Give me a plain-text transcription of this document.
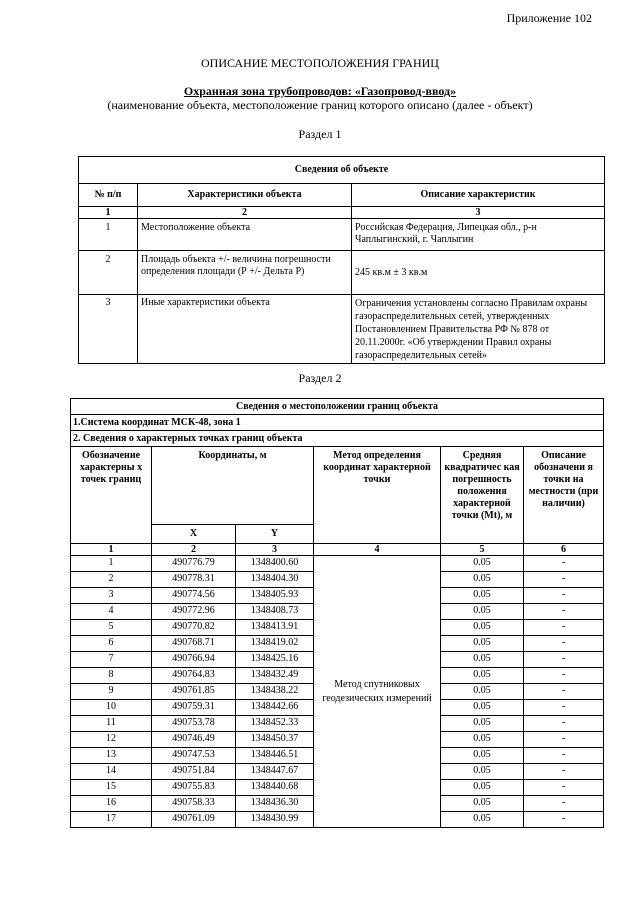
Приложение 102
ОПИСАНИЕ МЕСТОПОЛОЖЕНИЯ ГРАНИЦ
Охранная зона трубопроводов: «Газопровод-ввод»
(наименование объекта, местоположение границ которого описано (далее - объект)
Раздел 1
Сведения об объекте		
№ п/п	Характеристики объекта	Описание характеристик
1	2	3
1	Местоположение объекта	Российская Федерация, Липецкая обл., р-н Чаплыгинский, г. Чаплыгин
2	Площадь объекта +/- величина погрешности определения площади (Р +/- Дельта Р)	245 кв.м ± 3 кв.м
3	Иные характеристики объекта	Ограничения установлены согласно Правилам охраны газораспределительных сетей, утвержденных Постановлением Правительства РФ № 878 от 20.11.2000г. «Об утверждении Правил охраны газораспределительных сетей»
Раздел 2
Сведения о местоположении границ объекта					
1.Система координат МСК-48, зона 1					
2. Сведения о характерных точках границ объекта					
Обозначение характерны х точек границ	Координаты, м		Метод определения координат характерной точки	Средняя квадратичес кая погрешность положения характерной точки (Mt), м	Описание обозначени я точки на местности (при наличии)
	X	Y			
1	2	3	4	5	6
1	490776.79	1348400.60	Метод спутниковых геодезических измерений	0.05	-
2	490778.31	1348404.30		0.05	-
3	490774.56	1348405.93		0.05	-
4	490772.96	1348408.73		0.05	-
5	490770.82	1348413.91		0.05	-
6	490768.71	1348419.02		0.05	-
7	490766.94	1348425.16		0.05	-
8	490764.83	1348432.49		0.05	-
9	490761.85	1348438.22		0.05	-
10	490759.31	1348442.66		0.05	-
11	490753.78	1348452.33		0.05	-
12	490746.49	1348450.37		0.05	-
13	490747.53	1348446.51		0.05	-
14	490751.84	1348447.67		0.05	-
15	490755.83	1348440.68		0.05	-
16	490758.33	1348436.30		0.05	-
17	490761.09	1348430.99		0.05	-
